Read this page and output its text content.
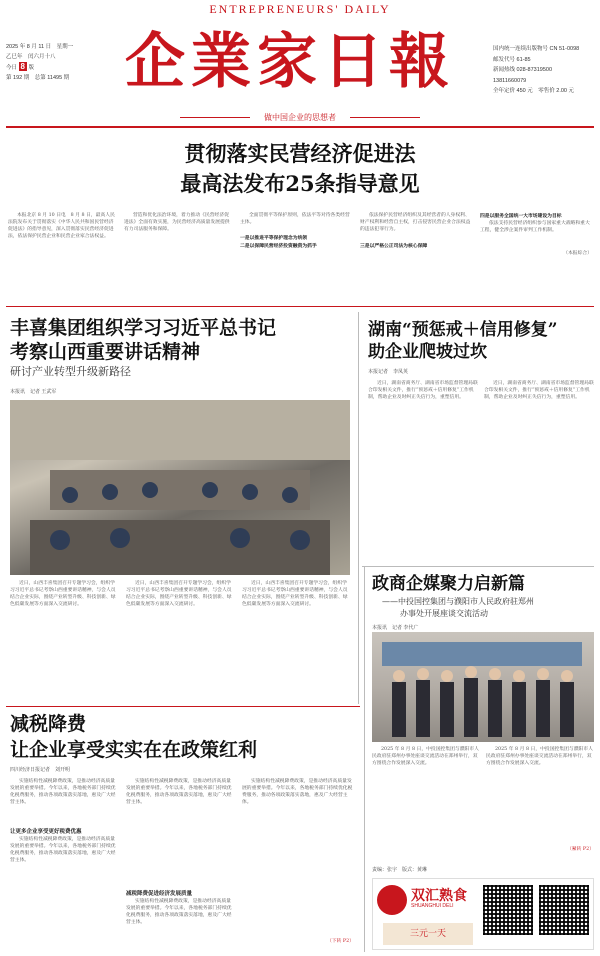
ENTREPRENEURS' DAILY
2025 年 8 月 11 日　星期一
乙巳年　闰六月十八
今日 8 版
第 192 期　总第 11495 期 企業家日報	国内统一连续出版物号 CN 51-0098
邮发代号 61-85
新闻热线 028-87319500
13811660079
全年定价 450 元　零售价 2.00 元
做中国企业的思想者
贯彻落实民营经济促进法
最高法发布25条指导意见
本报北京 8 月 10 日电　8 月 8 日，最高人民法院发布关于贯彻落实《中华人民共和国民营经济促进法》的指导意见，深入贯彻落实民营经济促进法，依法保护民营企业和民营企业家合法权益。
营造和优化法治环境，着力推动《民营经济促进法》全面有效实施，为民营经济高质量发展提供有力司法服务和保障。
全面贯彻平等保护原则，依法平等对待各类经营主体。
一是以推进平等保护理念为统领
二是以保障民营经济投资融资为抓手
依法保护民营经济组织及其经营者的人身权利、财产权利和经营自主权，打击侵害民营企业合法权益的违法犯罪行为。
三是以严格公正司法为核心保障
四是以服务全国统一大市场建设为目标
依法支持民营经济组织参与国家重大战略和重大工程，健全涉企案件审判工作机制。
（本报综合）
丰喜集团组织学习习近平总书记
考察山西重要讲话精神
研讨产业转型升级新路径
本报讯　记者 王武军
近日，山西丰喜集团召开专题学习会，组织学习习近平总书记考察山西重要讲话精神，与会人员结合企业实际，围绕产业转型升级、科技创新、绿色低碳发展等方面深入交流研讨。
近日，山西丰喜集团召开专题学习会，组织学习习近平总书记考察山西重要讲话精神，与会人员结合企业实际，围绕产业转型升级、科技创新、绿色低碳发展等方面深入交流研讨。
近日，山西丰喜集团召开专题学习会，组织学习习近平总书记考察山西重要讲话精神，与会人员结合企业实际，围绕产业转型升级、科技创新、绿色低碳发展等方面深入交流研讨。
湖南“预惩戒＋信用修复”
助企业爬坡过坎
本报记者　李凤英
近日，湖南省商务厅、湖南省市场监督管理局联合印发相关文件，推行“预惩戒＋信用修复”工作机制，帮助企业及时纠正失信行为，重塑信用。
近日，湖南省商务厅、湖南省市场监督管理局联合印发相关文件，推行“预惩戒＋信用修复”工作机制，帮助企业及时纠正失信行为，重塑信用。
政商企媒聚力启新篇
——中投国控集团与濮阳市人民政府驻郑州
办事处开展座谈交流活动
本报讯　记者 李代广
2025 年 8 月 8 日，中投国控集团与濮阳市人民政府驻郑州办事处座谈交流活动在郑州举行，双方围绕合作发展深入交流。
2025 年 8 月 8 日，中投国控集团与濮阳市人民政府驻郑州办事处座谈交流活动在郑州举行，双方围绕合作发展深入交流。
（紧转 P2）
责编：张宇　版式：黄琳
双汇熟食
SHUANGHUI DELI
三元一天
减税降费
让企业享受实实在在政策红利
四川经济日报记者　刘开明
实施结构性减税降费政策，是推动经济高质量发展的重要举措。今年以来，各地税务部门持续优化税费服务，推动各项政策落实落地，惠及广大经营主体。
让更多企业享受更好税费优惠
实施结构性减税降费政策，是推动经济高质量发展的重要举措。今年以来，各地税务部门持续优化税费服务，推动各项政策落实落地，惠及广大经营主体。
实施结构性减税降费政策，是推动经济高质量发展的重要举措。今年以来，各地税务部门持续优化税费服务，推动各项政策落实落地，惠及广大经营主体。
减税降费促进经济发展质量
实施结构性减税降费政策，是推动经济高质量发展的重要举措。今年以来，各地税务部门持续优化税费服务，推动各项政策落实落地，惠及广大经营主体。
实施结构性减税降费政策，是推动经济高质量发展的重要举措。今年以来，各地税务部门持续优化税费服务，推动各项政策落实落地，惠及广大经营主体。
（下转 P2）
